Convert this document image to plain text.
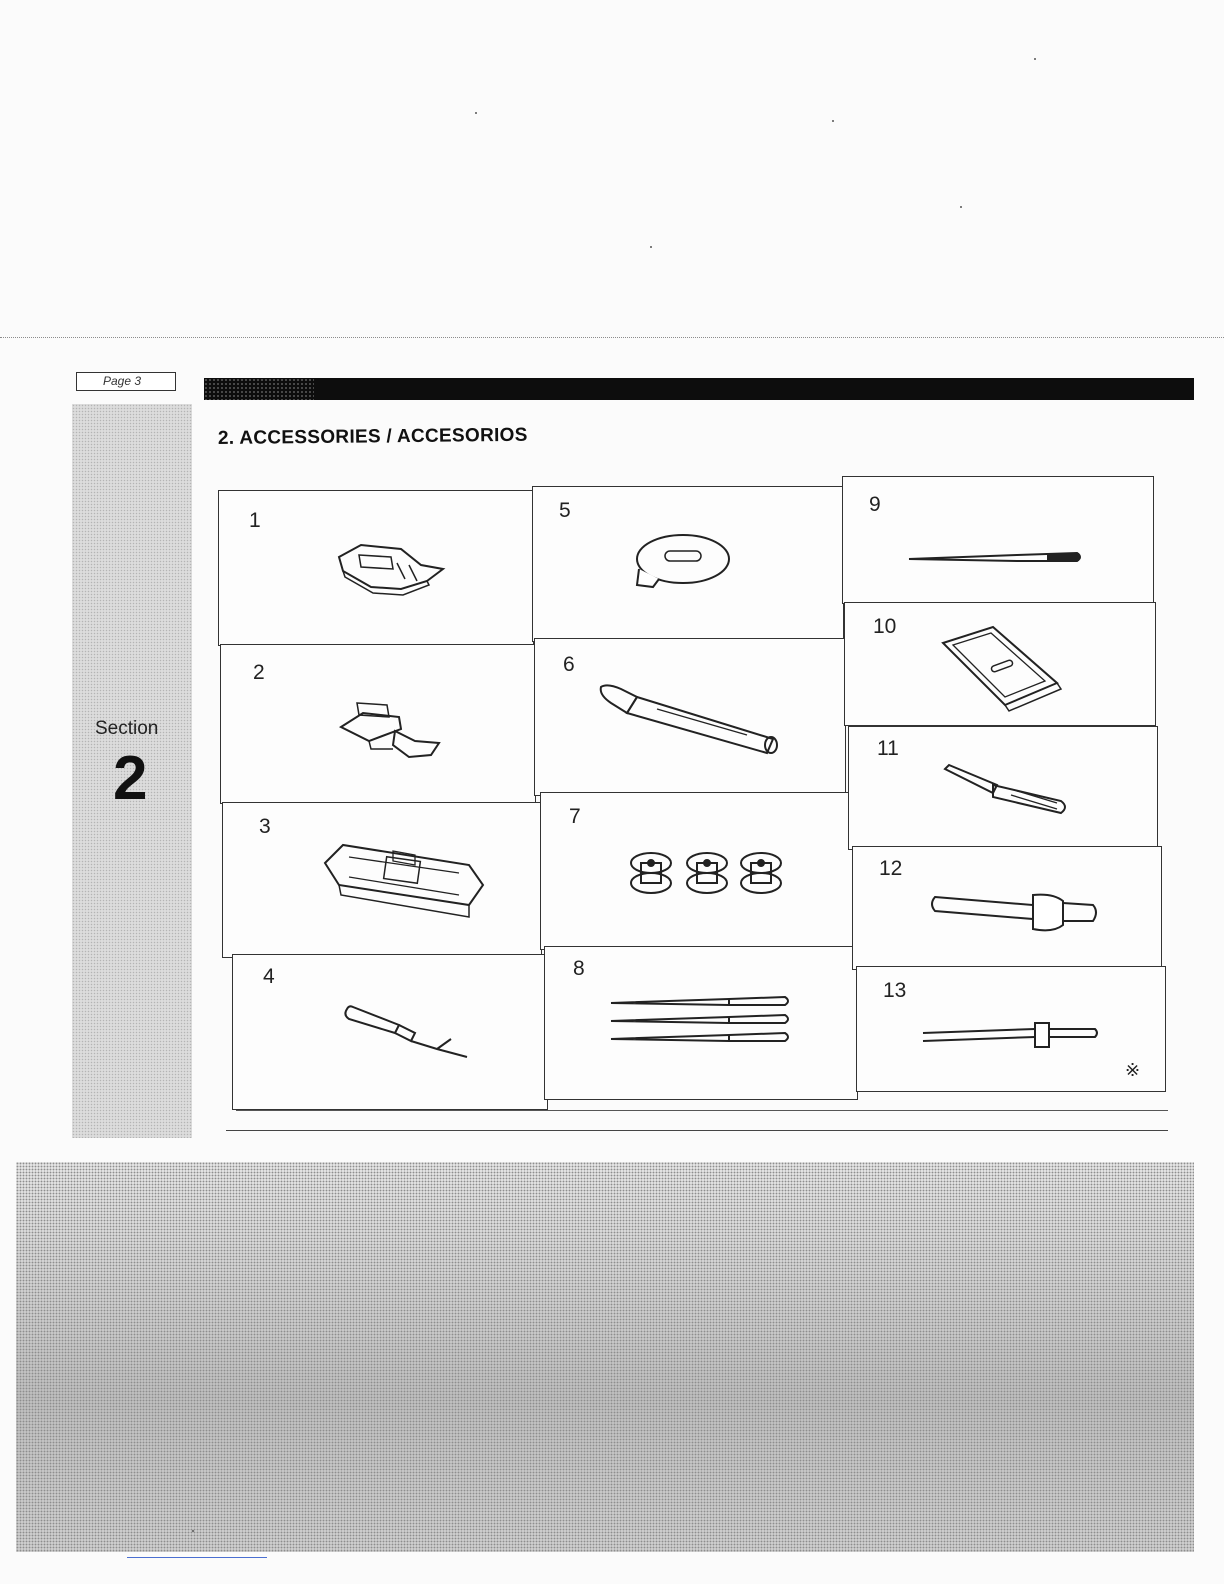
Page 3
Section
2
2. ACCESSORIES / ACCESORIOS
1
2
3
4
5
6
7
8
9
10
11
12
13
※
